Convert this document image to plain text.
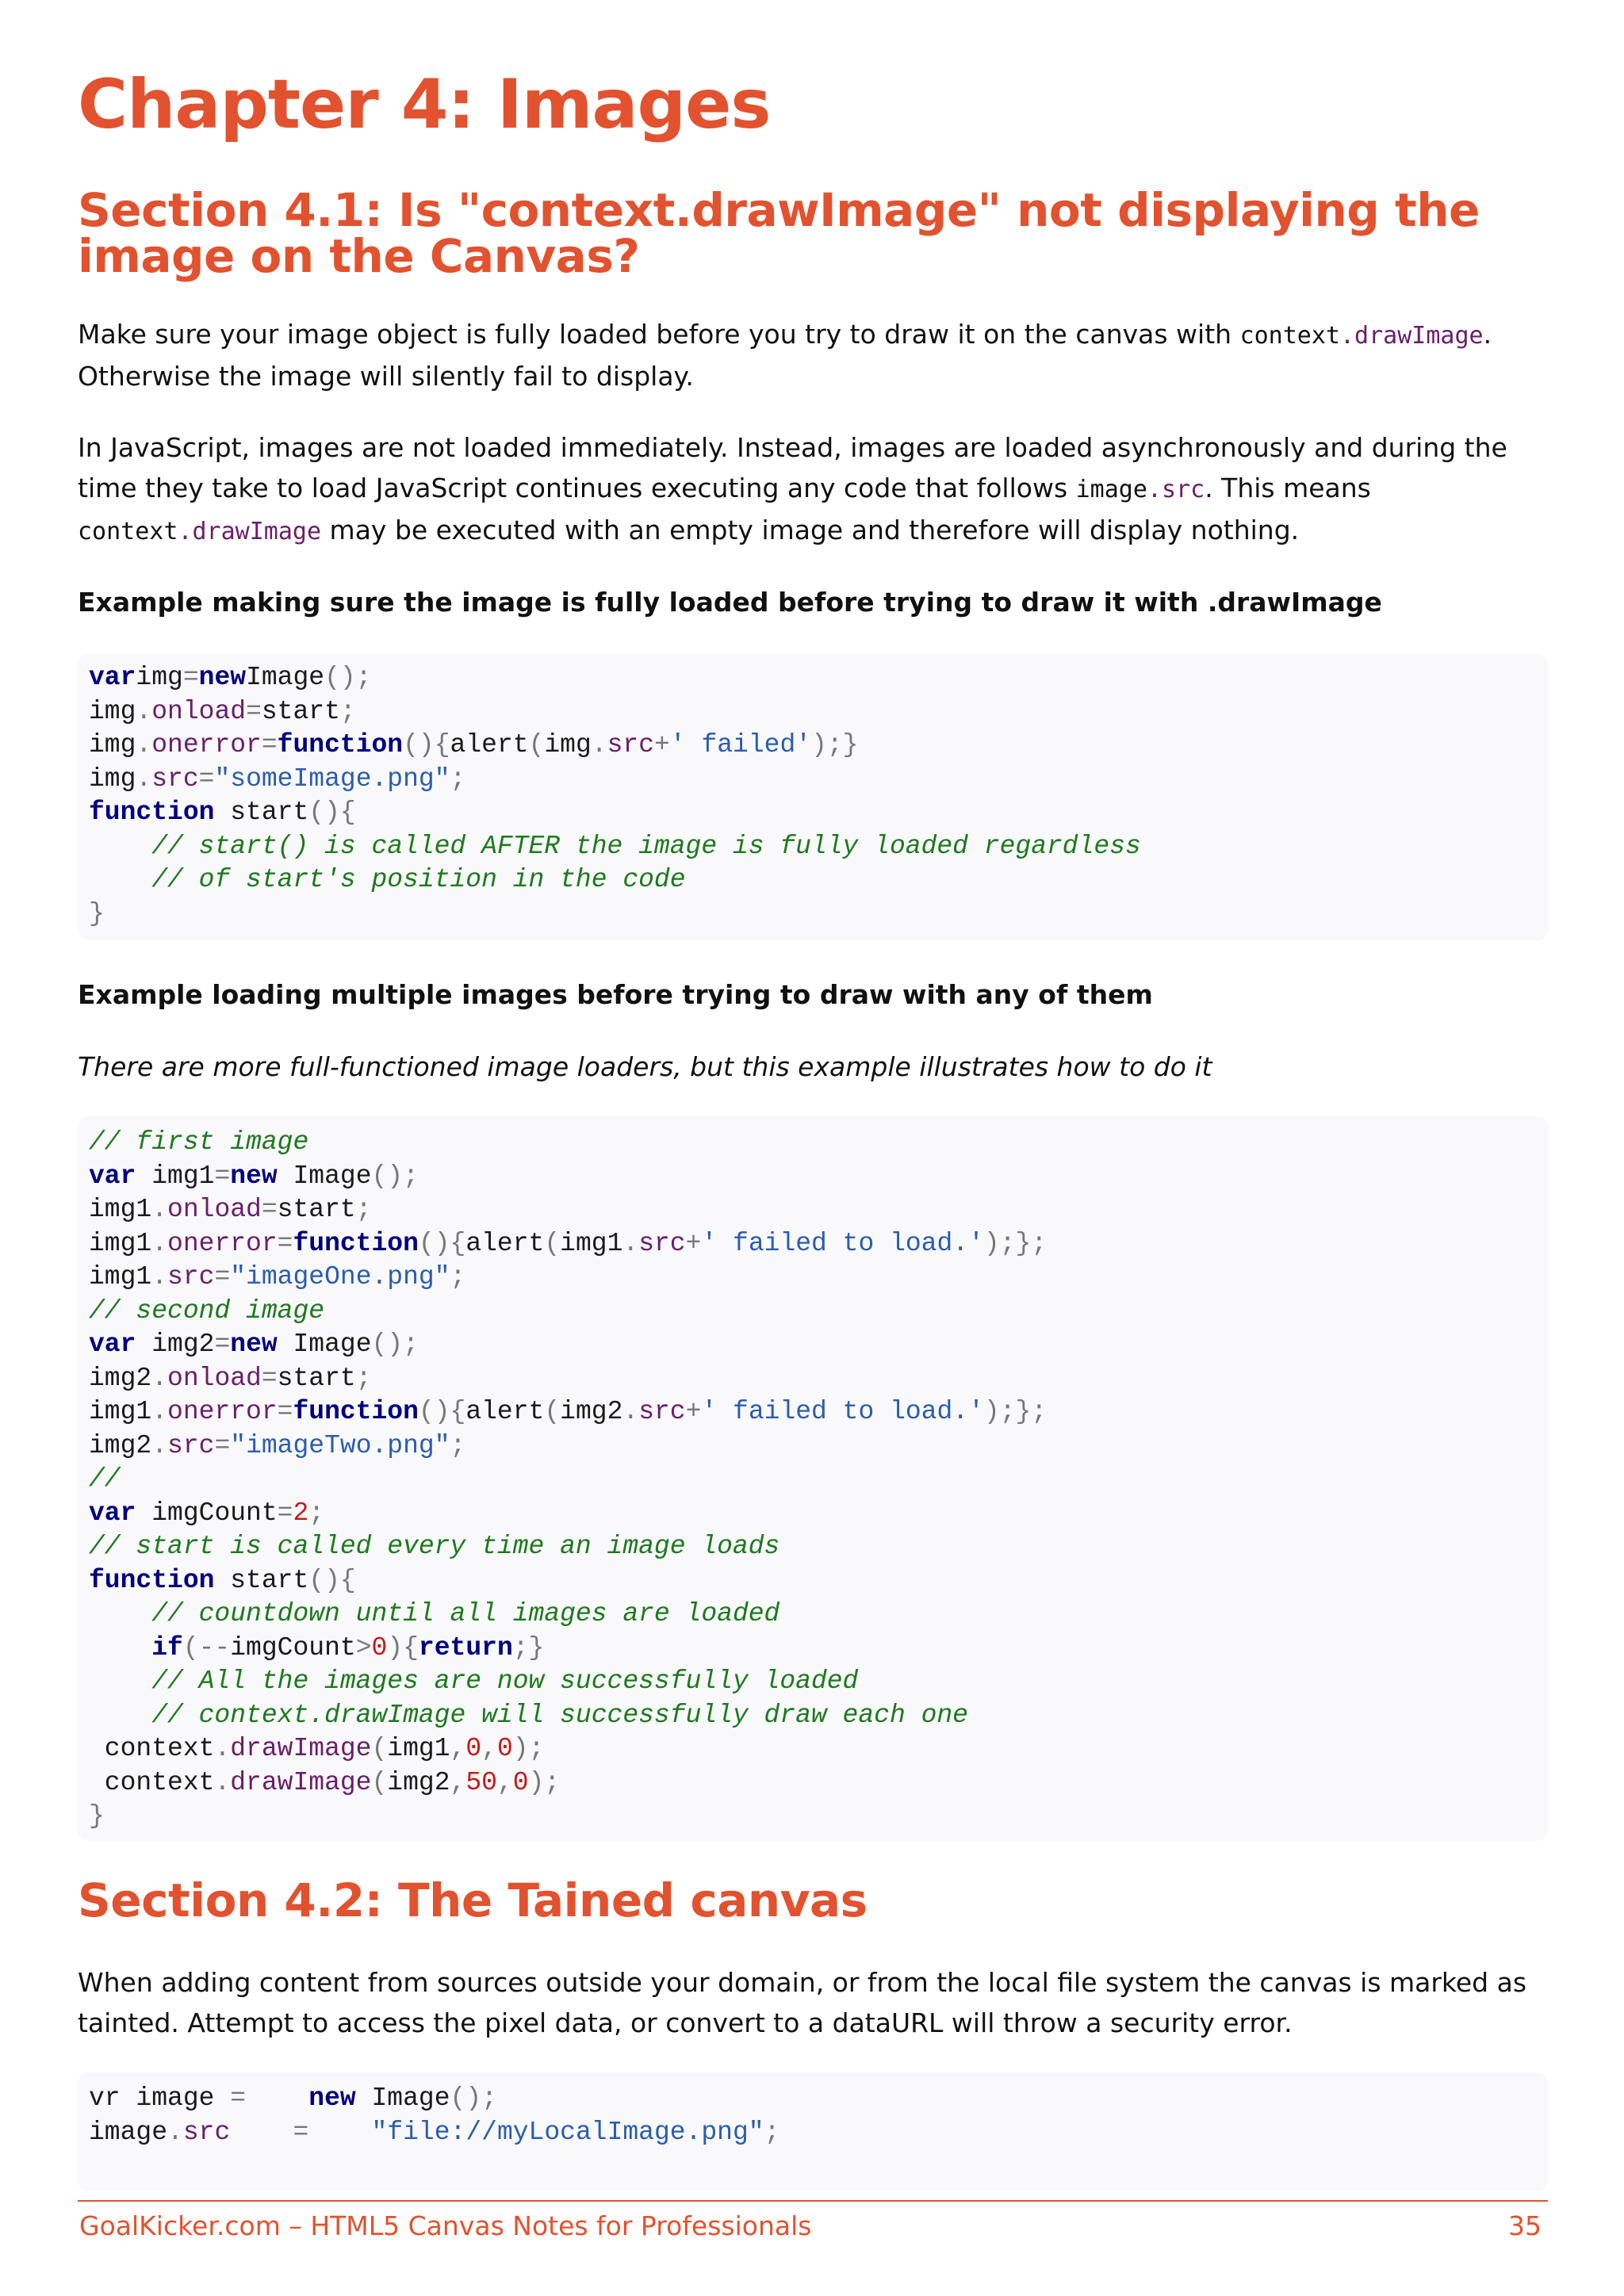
Chapter 4: Images
Section 4.1: Is "context.drawImage" not displaying the image on the Canvas?

Make sure your image object is fully loaded before you try to draw it on the canvas with context.drawImage. Otherwise the image will silently fail to display.

In JavaScript, images are not loaded immediately. Instead, images are loaded asynchronously and during the time they take to load JavaScript continues executing any code that follows image.src. This means context.drawImage may be executed with an empty image and therefore will display nothing.

Example making sure the image is fully loaded before trying to draw it with .drawImage

varimg=newImage();
img.onload=start;
img.onerror=function(){alert(img.src+' failed');}
img.src="someImage.png";
function start(){
// start() is called AFTER the image is fully loaded regardless
// of start's position in the code
}

Example loading multiple images before trying to draw with any of them

There are more full-functioned image loaders, but this example illustrates how to do it

// first image
var img1=new Image();
img1.onload=start;
img1.onerror=function(){alert(img1.src+' failed to load.');};
img1.src="imageOne.png";
// second image
var img2=new Image();
img2.onload=start;
img1.onerror=function(){alert(img2.src+' failed to load.');};
img2.src="imageTwo.png";
//
var imgCount=2;
// start is called every time an image loads
function start(){
// countdown until all images are loaded
if(--imgCount>0){return;}
// All the images are now successfully loaded
// context.drawImage will successfully draw each one
context.drawImage(img1,0,0);
context.drawImage(img2,50,0);
}
Section 4.2: The Tained canvas

When adding content from sources outside your domain, or from the local file system the canvas is marked as tainted. Attempt to access the pixel data, or convert to a dataURL will throw a security error.

vr image = new Image();
image.src = "file://myLocalImage.png";
GoalKicker.com – HTML5 Canvas Notes for Professionals	35
